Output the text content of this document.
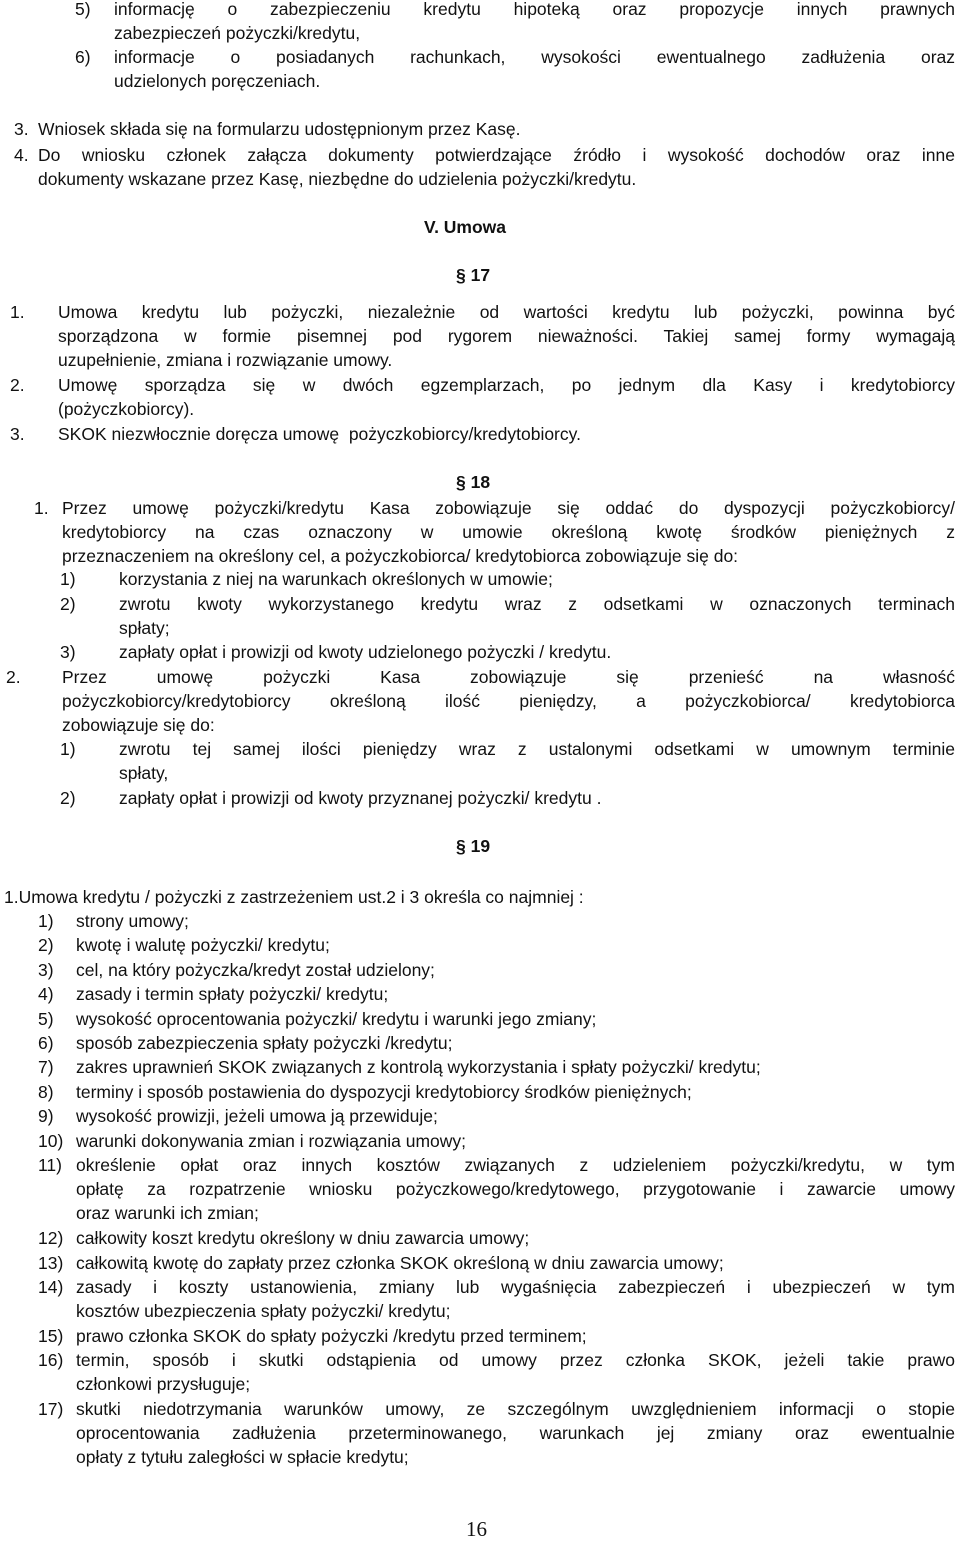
5) informację o zabezpieczeniu kredytu hipoteką oraz propozycje innych prawnych
zabezpieczeń pożyczki/kredytu,
6) informacje o posiadanych rachunkach, wysokości ewentualnego zadłużenia oraz
udzielonych poręczeniach.
3. Wniosek składa się na formularzu udostępnionym przez Kasę.
4. Do wniosku członek załącza dokumenty potwierdzające źródło i wysokość dochodów oraz inne
dokumenty wskazane przez Kasę, niezbędne do udzielenia pożyczki/kredytu.
V. Umowa
§ 17
1. Umowa kredytu lub pożyczki, niezależnie od wartości kredytu lub pożyczki, powinna być
sporządzona w formie pisemnej pod rygorem nieważności. Takiej samej formy wymagają
uzupełnienie, zmiana i rozwiązanie umowy.
2. Umowę sporządza się w dwóch egzemplarzach, po jednym dla Kasy i kredytobiorcy
(pożyczkobiorcy).
3. SKOK niezwłocznie doręcza umowę  pożyczkobiorcy/kredytobiorcy.
§ 18
1. Przez umowę pożyczki/kredytu Kasa zobowiązuje się oddać do dyspozycji pożyczkobiorcy/
kredytobiorcy na czas oznaczony w umowie określoną kwotę środków pieniężnych z
przeznaczeniem na określony cel, a pożyczkobiorca/ kredytobiorca zobowiązuje się do:
1) korzystania z niej na warunkach określonych w umowie;
2) zwrotu kwoty wykorzystanego kredytu wraz z odsetkami w oznaczonych terminach
spłaty;
3) zapłaty opłat i prowizji od kwoty udzielonego pożyczki / kredytu.
2. Przez umowę pożyczki Kasa zobowiązuje się przenieść na własność
pożyczkobiorcy/kredytobiorcy określoną ilość pieniędzy, a pożyczkobiorca/ kredytobiorca
zobowiązuje się do:
1) zwrotu tej samej ilości pieniędzy wraz z ustalonymi odsetkami w umownym terminie
spłaty,
2) zapłaty opłat i prowizji od kwoty przyznanej pożyczki/ kredytu .
§ 19
1.Umowa kredytu / pożyczki z zastrzeżeniem ust.2 i 3 określa co najmniej :
1) strony umowy;
2) kwotę i walutę pożyczki/ kredytu;
3) cel, na który pożyczka/kredyt został udzielony;
4) zasady i termin spłaty pożyczki/ kredytu;
5) wysokość oprocentowania pożyczki/ kredytu i warunki jego zmiany;
6) sposób zabezpieczenia spłaty pożyczki /kredytu;
7) zakres uprawnień SKOK związanych z kontrolą wykorzystania i spłaty pożyczki/ kredytu;
8) terminy i sposób postawienia do dyspozycji kredytobiorcy środków pieniężnych;
9) wysokość prowizji, jeżeli umowa ją przewiduje;
10) warunki dokonywania zmian i rozwiązania umowy;
11) określenie opłat oraz innych kosztów związanych z udzieleniem pożyczki/kredytu, w tym
opłatę za rozpatrzenie wniosku pożyczkowego/kredytowego, przygotowanie i zawarcie umowy
oraz warunki ich zmian;
12) całkowity koszt kredytu określony w dniu zawarcia umowy;
13) całkowitą kwotę do zapłaty przez członka SKOK określoną w dniu zawarcia umowy;
14) zasady i koszty ustanowienia, zmiany lub wygaśnięcia zabezpieczeń i ubezpieczeń w tym
kosztów ubezpieczenia spłaty pożyczki/ kredytu;
15) prawo członka SKOK do spłaty pożyczki /kredytu przed terminem;
16) termin, sposób i skutki odstąpienia od umowy przez członka SKOK, jeżeli takie prawo
członkowi przysługuje;
17) skutki niedotrzymania warunków umowy, ze szczególnym uwzględnieniem informacji o stopie
oprocentowania zadłużenia przeterminowanego, warunkach jej zmiany oraz ewentualnie
opłaty z tytułu zaległości w spłacie kredytu;
16
